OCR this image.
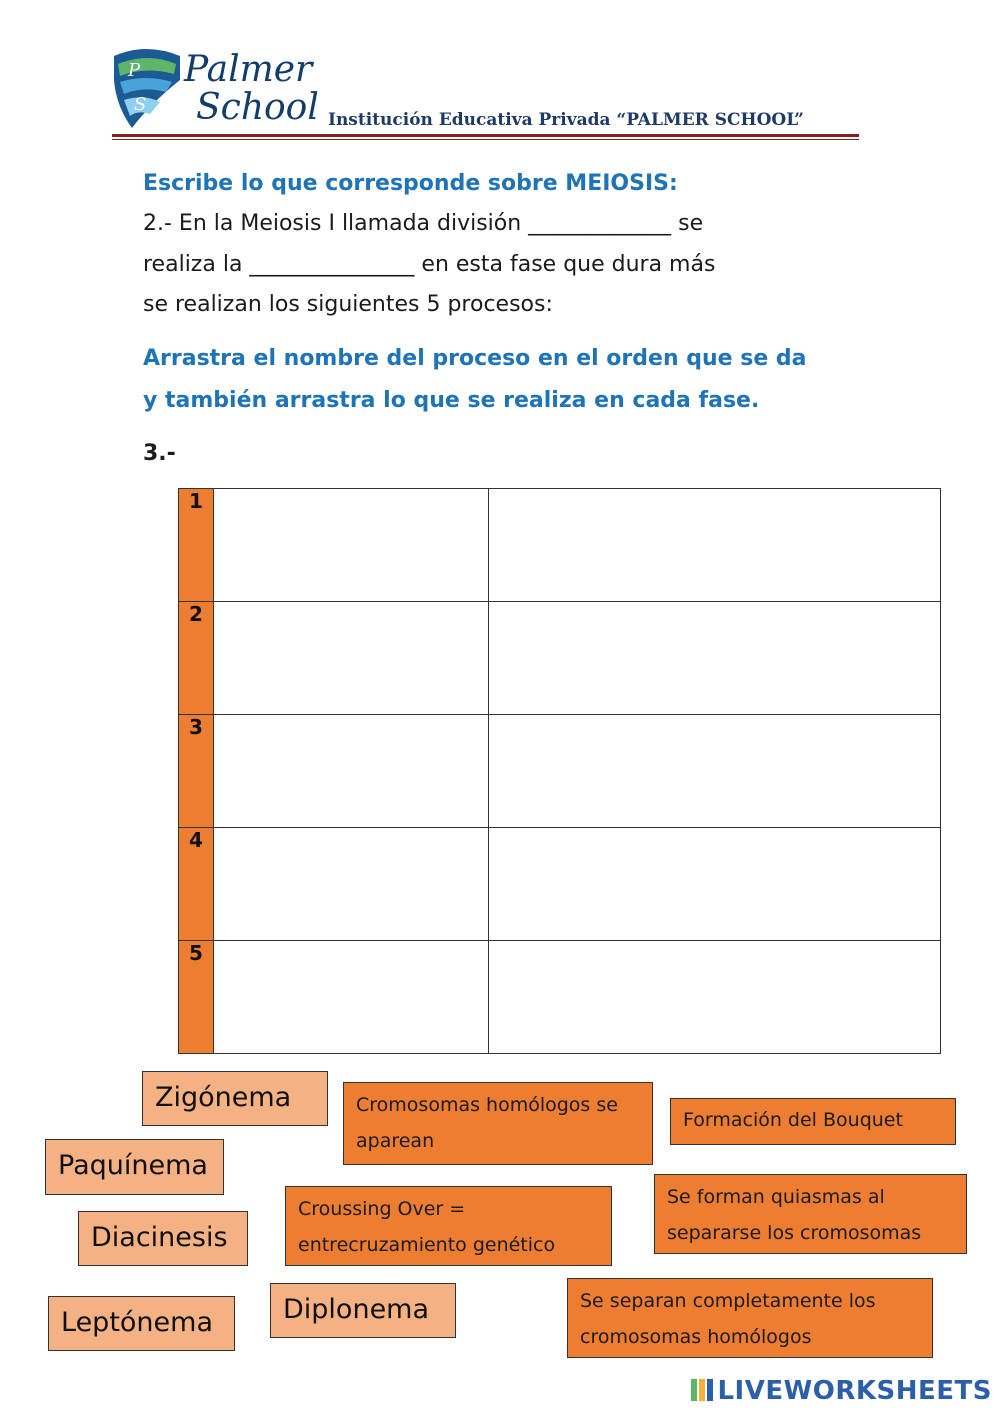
P
S
Palmer
School Institución Educativa Privada “PALMER SCHOOL”
Escribe lo que corresponde sobre MEIOSIS:
2.- En la Meiosis I llamada división _____________ se
realiza la _______________ en esta fase que dura más
se realizan los siguientes 5 procesos:
Arrastra el nombre del proceso en el orden que se da
y también arrastra lo que se realiza en cada fase.
3.-
1		
2		
3		
4		
5		
Zigónema
Paquínema
Diacinesis
Leptónema	Diplonema
Cromosomas homólogos se aparean
Formación del Bouquet
Se forman quiasmas al separarse los cromosomas
Croussing Over = entrecruzamiento genético
Se separan completamente los cromosomas homólogos
LIVEWORKSHEETS
